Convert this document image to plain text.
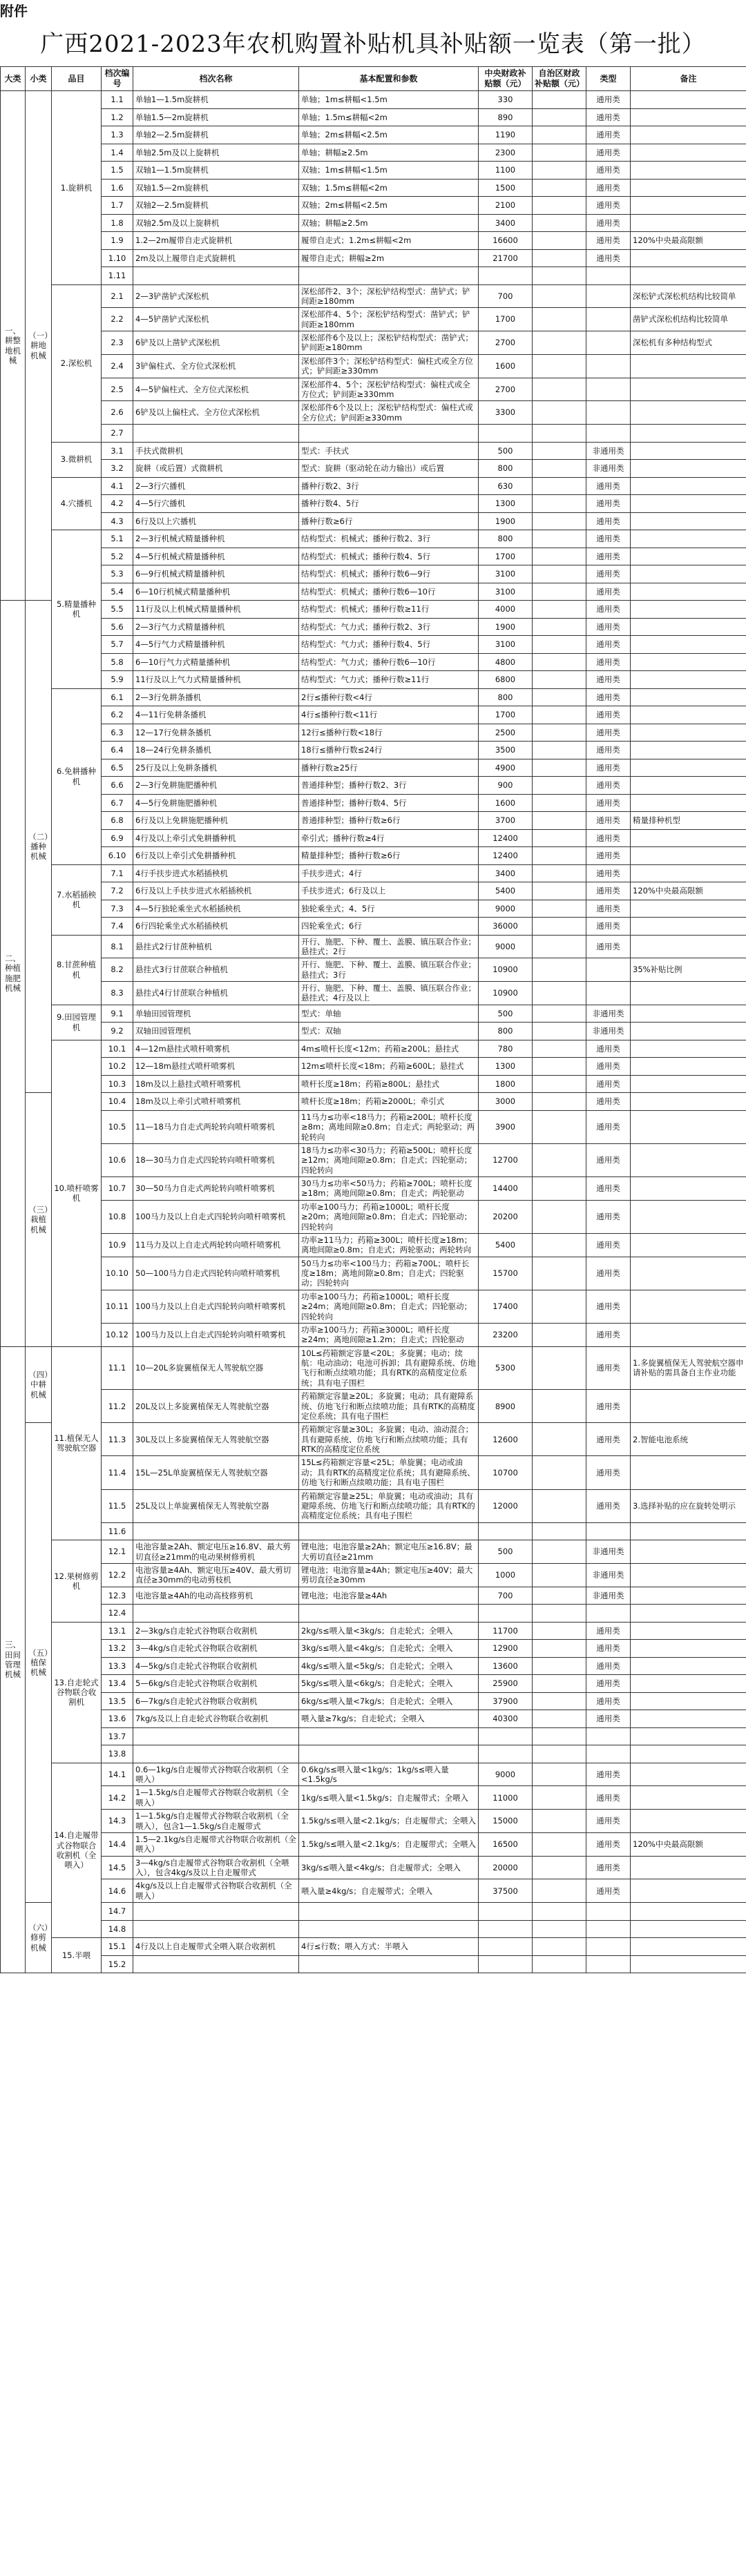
附件
广西2021-2023年农机购置补贴机具补贴额一览表（第一批）
大类	小类	品目	档次编号	档次名称	基本配置和参数	中央财政补贴额（元）	自治区财政补贴额（元）	类型	备注
一、耕整地机械	（一）耕地机械	1.旋耕机	1.1	单轴1—1.5m旋耕机	单轴；1m≤耕幅<1.5m	330		通用类	
			1.2	单轴1.5—2m旋耕机	单轴；1.5m≤耕幅<2m	890		通用类	
			1.3	单轴2—2.5m旋耕机	单轴；2m≤耕幅<2.5m	1190		通用类	
			1.4	单轴2.5m及以上旋耕机	单轴；耕幅≥2.5m	2300		通用类	
			1.5	双轴1—1.5m旋耕机	双轴；1m≤耕幅<1.5m	1100		通用类	
			1.6	双轴1.5—2m旋耕机	双轴；1.5m≤耕幅<2m	1500		通用类	
			1.7	双轴2—2.5m旋耕机	双轴；2m≤耕幅<2.5m	2100		通用类	
			1.8	双轴2.5m及以上旋耕机	双轴；耕幅≥2.5m	3400		通用类	
			1.9	1.2—2m履带自走式旋耕机	履带自走式；1.2m≤耕幅<2m	16600		通用类	120%中央最高限额
			1.10	2m及以上履带自走式旋耕机	履带自走式；耕幅≥2m	21700		通用类	
			1.11						
		2.深松机	2.1	2—3铲凿铲式深松机	深松部件2、3个；深松铲结构型式：凿铲式；铲间距≥180mm	700			深松铲式深松机结构比较简单
			2.2	4—5铲凿铲式深松机	深松部件4、5个；深松铲结构型式：凿铲式；铲间距≥180mm	1700			凿铲式深松机结构比较简单
			2.3	6铲及以上凿铲式深松机	深松部件6个及以上；深松铲结构型式：凿铲式；铲间距≥180mm	2700			深松机有多种结构型式
			2.4	3铲偏柱式、全方位式深松机	深松部件3个；深松铲结构型式：偏柱式或全方位式；铲间距≥330mm	1600			
			2.5	4—5铲偏柱式、全方位式深松机	深松部件4、5个；深松铲结构型式：偏柱式或全方位式；铲间距≥330mm	2700			
			2.6	6铲及以上偏柱式、全方位式深松机	深松部件6个及以上；深松铲结构型式：偏柱式或全方位式；铲间距≥330mm	3300			
			2.7						
		3.微耕机	3.1	手扶式微耕机	型式：手扶式	500		非通用类	
			3.2	旋耕（或后置）式微耕机	型式：旋耕（驱动轮在动力输出）或后置	800		非通用类	
		4.穴播机	4.1	2—3行穴播机	播种行数2、3行	630		通用类	
			4.2	4—5行穴播机	播种行数4、5行	1300		通用类	
			4.3	6行及以上穴播机	播种行数≥6行	1900		通用类	
		5.精量播种机	5.1	2—3行机械式精量播种机	结构型式：机械式；播种行数2、3行	800		通用类	
			5.2	4—5行机械式精量播种机	结构型式：机械式；播种行数4、5行	1700		通用类	
			5.3	6—9行机械式精量播种机	结构型式：机械式；播种行数6—9行	3100		通用类	
			5.4	6—10行机械式精量播种机	结构型式：机械式；播种行数6—10行	3100		通用类	
二、种植施肥机械	（二）播种机械		5.5	11行及以上机械式精量播种机	结构型式：机械式；播种行数≥11行	4000		通用类	
			5.6	2—3行气力式精量播种机	结构型式：气力式；播种行数2、3行	1900		通用类	
			5.7	4—5行气力式精量播种机	结构型式：气力式；播种行数4、5行	3100		通用类	
			5.8	6—10行气力式精量播种机	结构型式：气力式；播种行数6—10行	4800		通用类	
			5.9	11行及以上气力式精量播种机	结构型式：气力式；播种行数≥11行	6800		通用类	
		6.免耕播种机	6.1	2—3行免耕条播机	2行≤播种行数<4行	800		通用类	
			6.2	4—11行免耕条播机	4行≤播种行数<11行	1700		通用类	
			6.3	12—17行免耕条播机	12行≤播种行数<18行	2500		通用类	
			6.4	18—24行免耕条播机	18行≤播种行数≤24行	3500		通用类	
			6.5	25行及以上免耕条播机	播种行数≥25行	4900		通用类	
			6.6	2—3行免耕施肥播种机	普通排种型；播种行数2、3行	900		通用类	
			6.7	4—5行免耕施肥播种机	普通排种型；播种行数4、5行	1600		通用类	
			6.8	6行及以上免耕施肥播种机	普通排种型；播种行数≥6行	3700		通用类	精量排种机型
			6.9	4行及以上牵引式免耕播种机	牵引式；播种行数≥4行	12400		通用类	
			6.10	6行及以上牵引式免耕播种机	精量排种型；播种行数≥6行	12400		通用类	
		7.水稻插秧机	7.1	4行手扶步进式水稻插秧机	手扶步进式；4行	3400		通用类	
			7.2	6行及以上手扶步进式水稻插秧机	手扶步进式；6行及以上	5400		通用类	120%中央最高限额
			7.3	4—5行独轮乘坐式水稻插秧机	独轮乘坐式；4、5行	9000		通用类	
			7.4	6行四轮乘坐式水稻插秧机	四轮乘坐式；6行	36000		通用类	
		8.甘蔗种植机	8.1	悬挂式2行甘蔗种植机	开行、施肥、下种、覆土、盖膜、镇压联合作业；悬挂式；2行	9000		通用类	
			8.2	悬挂式3行甘蔗联合种植机	开行、施肥、下种、覆土、盖膜、镇压联合作业；悬挂式；3行	10900			35%补贴比例
			8.3	悬挂式4行甘蔗联合种植机	开行、施肥、下种、覆土、盖膜、镇压联合作业；悬挂式；4行及以上	10900			
		9.田园管理机	9.1	单轴田园管理机	型式：单轴	500		非通用类	
			9.2	双轴田园管理机	型式：双轴	800		非通用类	
		10.喷杆喷雾机	10.1	4—12m悬挂式喷杆喷雾机	4m≤喷杆长度<12m；药箱≥200L；悬挂式	780		通用类	
			10.2	12—18m悬挂式喷杆喷雾机	12m≤喷杆长度<18m；药箱≥600L；悬挂式	1300		通用类	
			10.3	18m及以上悬挂式喷杆喷雾机	喷杆长度≥18m；药箱≥800L；悬挂式	1800		通用类	
	（三）栽植机械		10.4	18m及以上牵引式喷杆喷雾机	喷杆长度≥18m；药箱≥2000L；牵引式	3000		通用类	
			10.5	11—18马力自走式两轮转向喷杆喷雾机	11马力≤功率<18马力；药箱≥200L；喷杆长度≥8m；离地间隙≥0.8m；自走式；两轮驱动；两轮转向	3900		通用类	
			10.6	18—30马力自走式四轮转向喷杆喷雾机	18马力≤功率<30马力；药箱≥500L；喷杆长度≥12m；离地间隙≥0.8m；自走式；四轮驱动；四轮转向	12700		通用类	
			10.7	30—50马力自走式两轮转向喷杆喷雾机	30马力≤功率<50马力；药箱≥700L；喷杆长度≥18m；离地间隙≥0.8m；自走式；两轮驱动	14400		通用类	
			10.8	100马力及以上自走式四轮转向喷杆喷雾机	功率≥100马力；药箱≥1000L；喷杆长度≥20m；离地间隙≥0.8m；自走式；四轮驱动；四轮转向	20200		通用类	
			10.9	11马力及以上自走式两轮转向喷杆喷雾机	功率≥11马力；药箱≥300L；喷杆长度≥18m；离地间隙≥0.8m；自走式；两轮驱动；两轮转向	5400		通用类	
			10.10	50—100马力自走式四轮转向喷杆喷雾机	50马力≤功率<100马力；药箱≥700L；喷杆长度≥18m；离地间隙≥0.8m；自走式；四轮驱动；四轮转向	15700		通用类	
			10.11	100马力及以上自走式四轮转向喷杆喷雾机	功率≥100马力；药箱≥1000L；喷杆长度≥24m；离地间隙≥0.8m；自走式；四轮驱动；四轮转向	17400		通用类	
			10.12	100马力及以上自走式四轮转向喷杆喷雾机	功率≥100马力；药箱≥3000L；喷杆长度≥24m；离地间隙≥1.2m；自走式；四轮驱动	23200		通用类	
三、田间管理机械	（四）中耕机械	11.植保无人驾驶航空器	11.1	10—20L多旋翼植保无人驾驶航空器	10L≤药箱额定容量<20L；多旋翼；电动；续航：电动油动；电池可拆卸；具有避障系统、仿地飞行和断点续喷功能；具有RTK的高精度定位系统；具有电子围栏	5300		通用类	1.多旋翼植保无人驾驶航空器申请补贴的需具备自主作业功能
			11.2	20L及以上多旋翼植保无人驾驶航空器	药箱额定容量≥20L；多旋翼；电动；具有避障系统、仿地飞行和断点续喷功能；具有RTK的高精度定位系统；具有电子围栏	8900		通用类	
	（五）植保机械		11.3	30L及以上多旋翼植保无人驾驶航空器	药箱额定容量≥30L；多旋翼；电动、油动混合；具有避障系统、仿地飞行和断点续喷功能；具有RTK的高精度定位系统	12600		通用类	2.智能电池系统
			11.4	15L—25L单旋翼植保无人驾驶航空器	15L≤药箱额定容量<25L；单旋翼；电动或油动；具有RTK的高精度定位系统；具有避障系统、仿地飞行和断点续喷功能；具有电子围栏	10700		通用类	
			11.5	25L及以上单旋翼植保无人驾驶航空器	药箱额定容量≥25L；单旋翼；电动或油动；具有避障系统、仿地飞行和断点续喷功能；具有RTK的高精度定位系统；具有电子围栏	12000		通用类	3.选择补贴的应在旋转处明示
			11.6						
		12.果树修剪机	12.1	电池容量≥2Ah、额定电压≥16.8V、最大剪切直径≥21mm的电动果树修剪机	锂电池；电池容量≥2Ah；额定电压≥16.8V；最大剪切直径≥21mm	500		非通用类	
			12.2	电池容量≥4Ah、额定电压≥40V、最大剪切直径≥30mm的电动剪枝机	锂电池；电池容量≥4Ah；额定电压≥40V；最大剪切直径≥30mm	1000		非通用类	
			12.3	电池容量≥4Ah的电动高枝修剪机	锂电池；电池容量≥4Ah	700		非通用类	
			12.4						
		13.自走轮式谷物联合收割机	13.1	2—3kg/s自走轮式谷物联合收割机	2kg/s≤喂入量<3kg/s；自走轮式；全喂入	11700		通用类	
			13.2	3—4kg/s自走轮式谷物联合收割机	3kg/s≤喂入量<4kg/s；自走轮式；全喂入	12900		通用类	
			13.3	4—5kg/s自走轮式谷物联合收割机	4kg/s≤喂入量<5kg/s；自走轮式；全喂入	13600		通用类	
			13.4	5—6kg/s自走轮式谷物联合收割机	5kg/s≤喂入量<6kg/s；自走轮式；全喂入	25900		通用类	
			13.5	6—7kg/s自走轮式谷物联合收割机	6kg/s≤喂入量<7kg/s；自走轮式；全喂入	37900		通用类	
			13.6	7kg/s及以上自走轮式谷物联合收割机	喂入量≥7kg/s；自走轮式；全喂入	40300		通用类	
			13.7						
			13.8						
		14.自走履带式谷物联合收割机（全喂入）	14.1	0.6—1kg/s自走履带式谷物联合收割机（全喂入）	0.6kg/s≤喂入量<1kg/s；1kg/s≤喂入量<1.5kg/s	9000		通用类	
			14.2	1—1.5kg/s自走履带式谷物联合收割机（全喂入）	1kg/s≤喂入量<1.5kg/s；自走履带式；全喂入	11000		通用类	
			14.3	1—1.5kg/s自走履带式谷物联合收割机（全喂入），包含1—1.5kg/s自走履带式	1.5kg/s≤喂入量<2.1kg/s；自走履带式；全喂入	15000		通用类	
			14.4	1.5—2.1kg/s自走履带式谷物联合收割机（全喂入）	1.5kg/s≤喂入量<2.1kg/s；自走履带式；全喂入	16500		通用类	120%中央最高限额
			14.5	3—4kg/s自走履带式谷物联合收割机（全喂入），包含4kg/s及以上自走履带式	3kg/s≤喂入量<4kg/s；自走履带式；全喂入	20000		通用类	
			14.6	4kg/s及以上自走履带式谷物联合收割机（全喂入）	喂入量≥4kg/s；自走履带式；全喂入	37500		通用类	
	（六）修剪机械		14.7						
			14.8						
		15.半喂	15.1	4行及以上自走履带式全喂入联合收割机	4行≤行数；喂入方式：半喂入				
			15.2						
